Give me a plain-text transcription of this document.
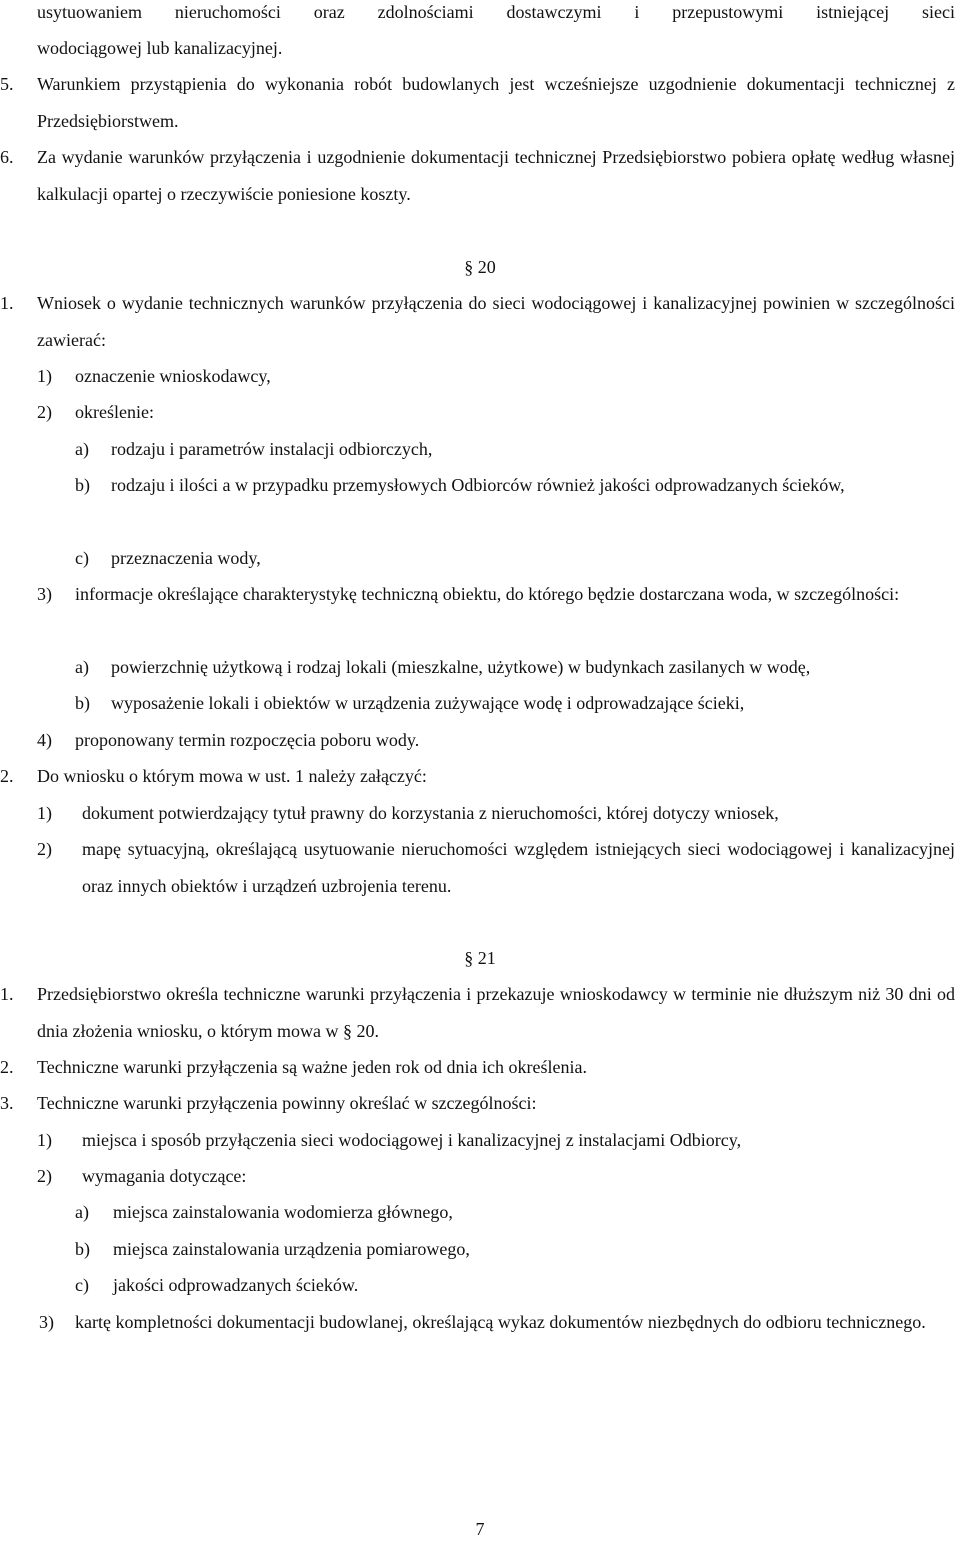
usytuowaniem nieruchomości oraz zdolnościami dostawczymi i przepustowymi istniejącej sieci
wodociągowej lub kanalizacyjnej.
5.	Warunkiem przystąpienia do wykonania robót budowlanych jest wcześniejsze uzgodnienie dokumentacji technicznej z Przedsiębiorstwem.
6.	Za wydanie warunków przyłączenia i uzgodnienie dokumentacji technicznej Przedsiębiorstwo pobiera opłatę według własnej kalkulacji opartej o rzeczywiście poniesione koszty.
§ 20
1.	Wniosek o wydanie technicznych warunków przyłączenia do sieci wodociągowej i kanalizacyjnej powinien w szczególności zawierać:
1)	oznaczenie wnioskodawcy,
2)	określenie:
a)	rodzaju i parametrów instalacji odbiorczych,
b)	rodzaju i ilości a w przypadku przemysłowych Odbiorców również jakości odprowadzanych ścieków,
c)	przeznaczenia wody,
3)	informacje określające charakterystykę techniczną obiektu, do którego będzie dostarczana woda, w szczególności:
a)	powierzchnię użytkową i rodzaj lokali (mieszkalne, użytkowe) w budynkach zasilanych w wodę,
b)	wyposażenie lokali i obiektów w urządzenia zużywające wodę i odprowadzające ścieki,
4)	proponowany termin rozpoczęcia poboru wody.
2.	Do wniosku o którym mowa w ust. 1 należy załączyć:
1)	dokument potwierdzający tytuł prawny do korzystania z nieruchomości, której dotyczy wniosek,
2)	mapę sytuacyjną, określającą usytuowanie nieruchomości względem istniejących sieci wodociągowej i kanalizacyjnej oraz innych obiektów i urządzeń uzbrojenia terenu.
§ 21
1.	Przedsiębiorstwo określa techniczne warunki przyłączenia i przekazuje wnioskodawcy w terminie nie dłuższym niż 30 dni od dnia złożenia wniosku, o którym mowa w § 20.
2.	Techniczne warunki przyłączenia są ważne jeden rok od dnia ich określenia.
3.	Techniczne warunki przyłączenia powinny określać w szczególności:
1)	miejsca i sposób przyłączenia sieci wodociągowej i kanalizacyjnej z instalacjami Odbiorcy,
2)	wymagania dotyczące:
a)	miejsca zainstalowania wodomierza głównego,
b)	miejsca zainstalowania urządzenia pomiarowego,
c)	jakości odprowadzanych ścieków.
3)	kartę kompletności dokumentacji budowlanej, określającą wykaz dokumentów niezbędnych do odbioru technicznego.
7
